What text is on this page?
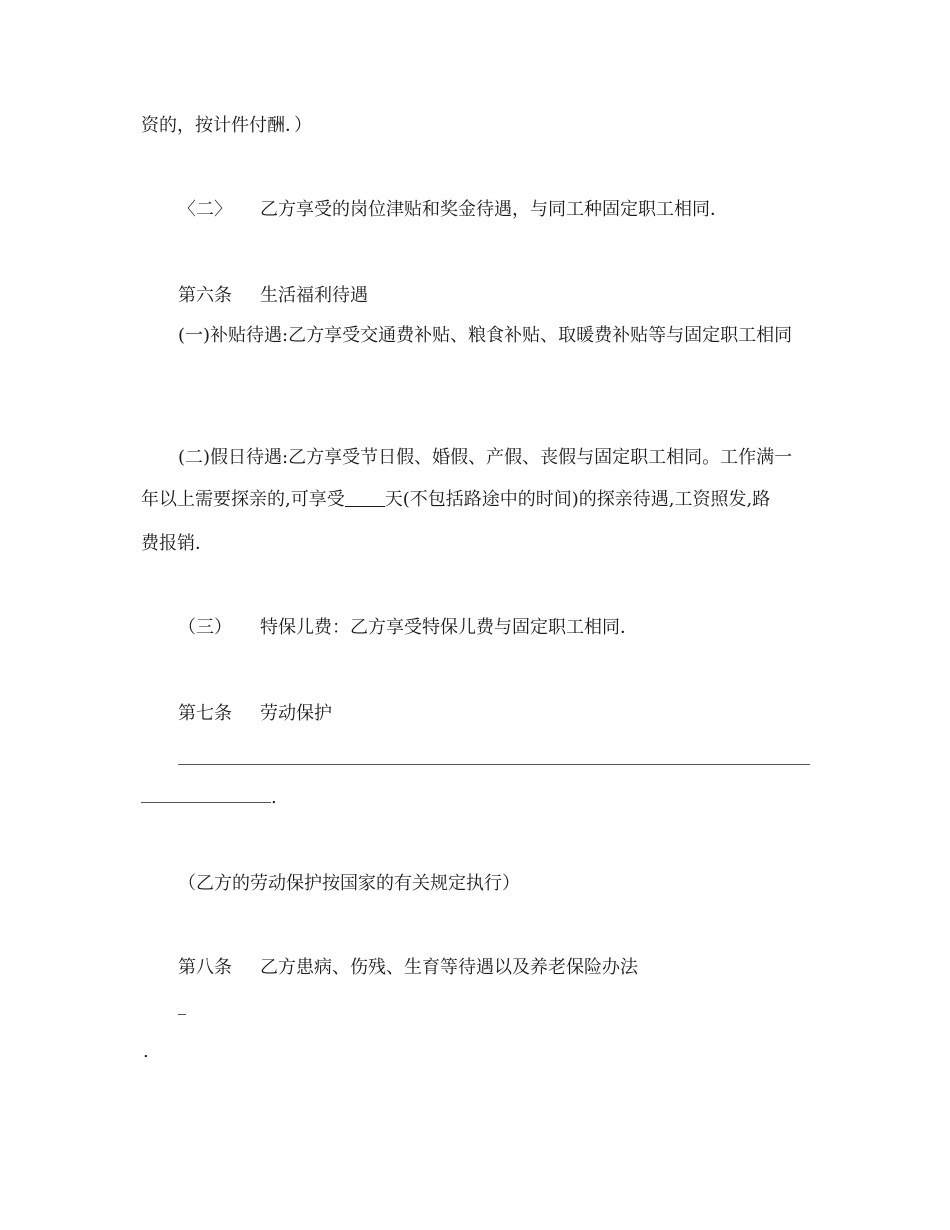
资的，按计件付酬．）
〈二〉 乙方享受的岗位津贴和奖金待遇，与同工种固定职工相同．
第六条 生活福利待遇
(一)补贴待遇:乙方享受交通费补贴、粮食补贴、取暖费补贴等与固定职工相同
(二)假日待遇:乙方享受节日假、婚假、产假、丧假与固定职工相同。工作满一
年以上需要探亲的,可享受 天(不包括路途中的时间)的探亲待遇,工资照发,路
费报销．
（三） 特保儿费：乙方享受特保儿费与固定职工相同．
第七条 劳动保护
.
（乙方的劳动保护按国家的有关规定执行）
第八条 乙方患病、伤残、生育等待遇以及养老保险办法
.
